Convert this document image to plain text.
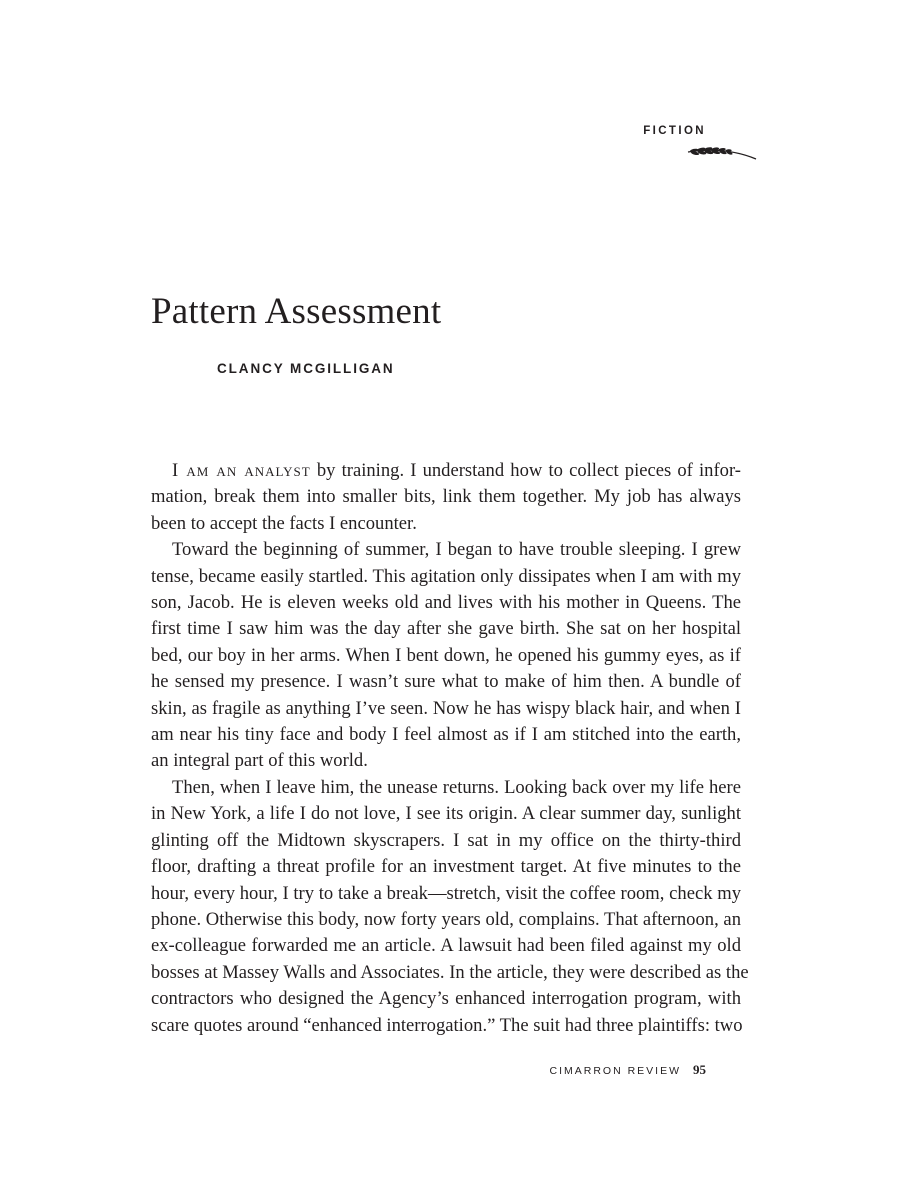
FICTION
Pattern Assessment
CLANCY MCGILLIGAN
I am an analyst by training. I understand how to collect pieces of infor-
mation, break them into smaller bits, link them together. My job has always
been to accept the facts I encounter.
Toward the beginning of summer, I began to have trouble sleeping. I grew
tense, became easily startled. This agitation only dissipates when I am with my
son, Jacob. He is eleven weeks old and lives with his mother in Queens. The
first time I saw him was the day after she gave birth. She sat on her hospital
bed, our boy in her arms. When I bent down, he opened his gummy eyes, as if
he sensed my presence. I wasn’t sure what to make of him then. A bundle of
skin, as fragile as anything I’ve seen. Now he has wispy black hair, and when I
am near his tiny face and body I feel almost as if I am stitched into the earth,
an integral part of this world.
Then, when I leave him, the unease returns. Looking back over my life here
in New York, a life I do not love, I see its origin. A clear summer day, sunlight
glinting off the Midtown skyscrapers. I sat in my office on the thirty-third
floor, drafting a threat profile for an investment target. At five minutes to the
hour, every hour, I try to take a break—stretch, visit the coffee room, check my
phone. Otherwise this body, now forty years old, complains. That afternoon, an
ex-colleague forwarded me an article. A lawsuit had been filed against my old
bosses at Massey Walls and Associates. In the article, they were described as the
contractors who designed the Agency’s enhanced interrogation program, with
scare quotes around “enhanced interrogation.” The suit had three plaintiffs: two
CIMARRON REVIEW 95
